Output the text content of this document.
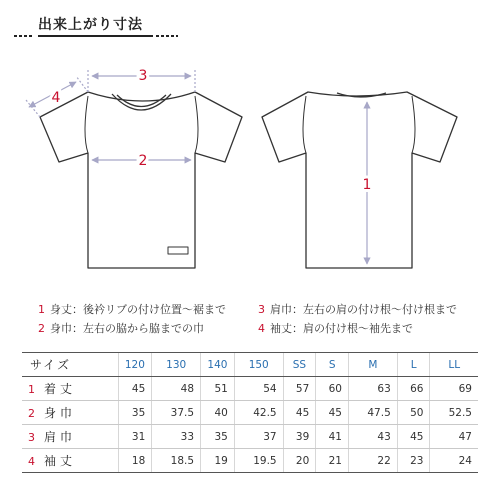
出来上がり寸法
3
4
2
1
1 身丈：後衿リブの付け位置〜裾まで
2 身巾：左右の脇から脇までの巾
3 肩巾：左右の肩の付け根〜付け根まで
4 袖丈：肩の付け根〜袖先まで
サイズ	120	130	140	150	SS	S	M	L	LL
1 着丈	45	48	51	54	57	60	63	66	69
2 身巾	35	37.5	40	42.5	45	45	47.5	50	52.5
3 肩巾	31	33	35	37	39	41	43	45	47
4 袖丈	18	18.5	19	19.5	20	21	22	23	24
